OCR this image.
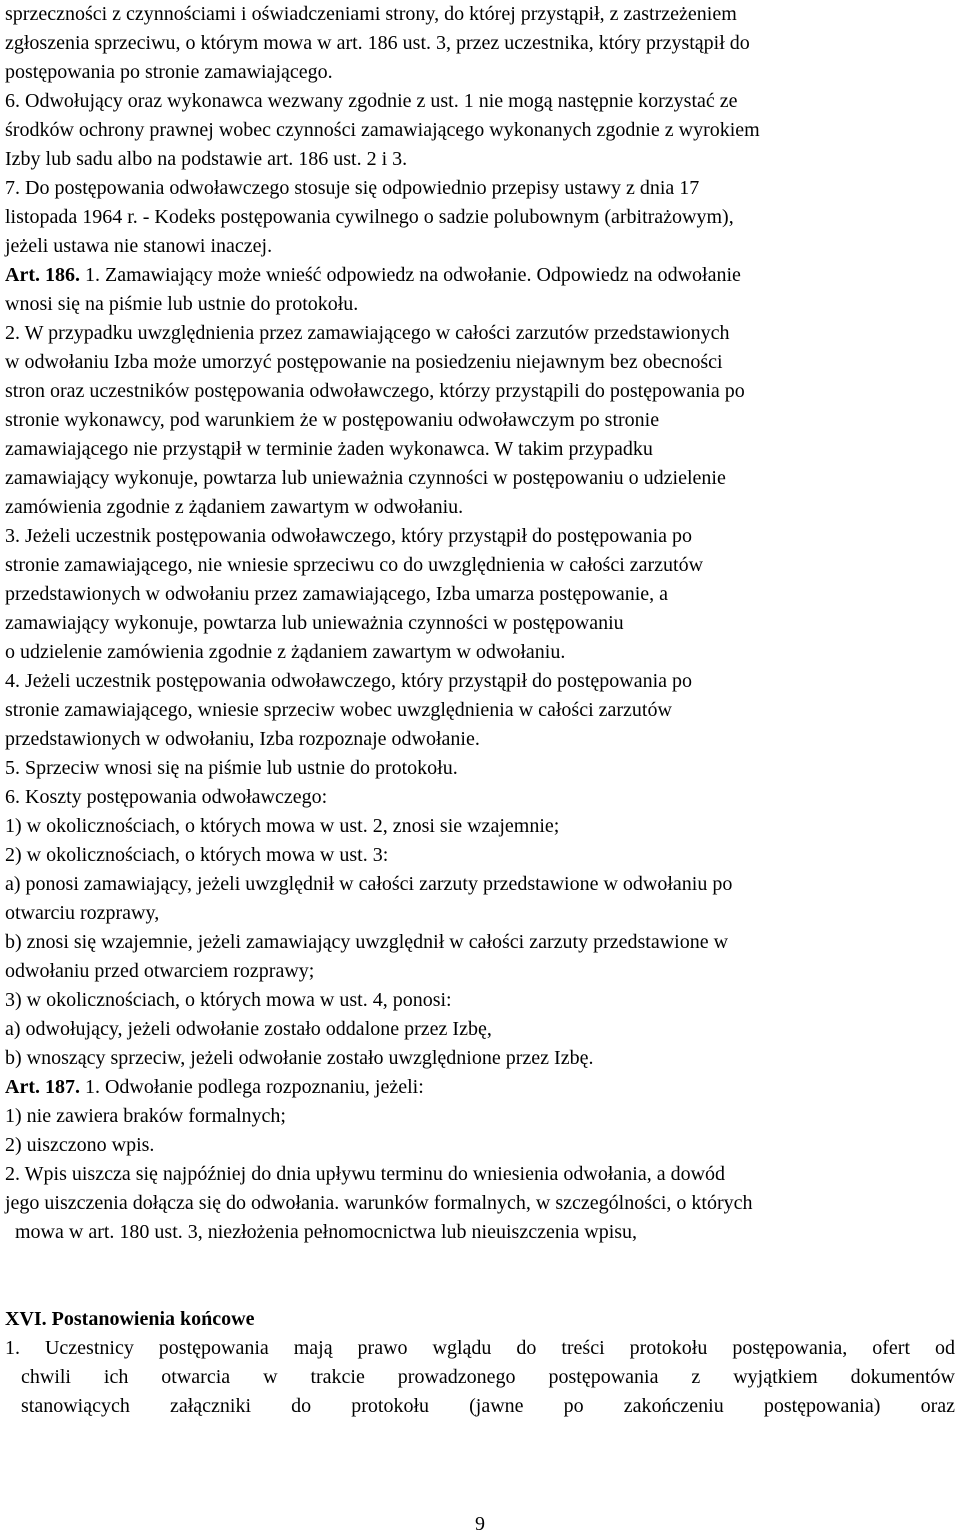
sprzeczności z czynnościami i oświadczeniami strony, do której przystąpił, z zastrzeżeniem
zgłoszenia sprzeciwu, o którym mowa w art. 186 ust. 3, przez uczestnika, który przystąpił do
postępowania po stronie zamawiającego.
6. Odwołujący oraz wykonawca wezwany zgodnie z ust. 1 nie mogą następnie korzystać ze
środków ochrony prawnej wobec czynności zamawiającego wykonanych zgodnie z wyrokiem
Izby lub sadu albo na podstawie art. 186 ust. 2 i 3.
7. Do postępowania odwoławczego stosuje się odpowiednio przepisy ustawy z dnia 17
listopada 1964 r. - Kodeks postępowania cywilnego o sadzie polubownym (arbitrażowym),
jeżeli ustawa nie stanowi inaczej.
Art. 186. 1. Zamawiający może wnieść odpowiedz na odwołanie. Odpowiedz na odwołanie
wnosi się na piśmie lub ustnie do protokołu.
2. W przypadku uwzględnienia przez zamawiającego w całości zarzutów przedstawionych
w odwołaniu Izba może umorzyć postępowanie na posiedzeniu niejawnym bez obecności
stron oraz uczestników postępowania odwoławczego, którzy przystąpili do postępowania po
stronie wykonawcy, pod warunkiem że w postępowaniu odwoławczym po stronie
zamawiającego nie przystąpił w terminie żaden wykonawca. W takim przypadku
zamawiający wykonuje, powtarza lub unieważnia czynności w postępowaniu o udzielenie
zamówienia zgodnie z żądaniem zawartym w odwołaniu.
3. Jeżeli uczestnik postępowania odwoławczego, który przystąpił do postępowania po
stronie zamawiającego, nie wniesie sprzeciwu co do uwzględnienia w całości zarzutów
przedstawionych w odwołaniu przez zamawiającego, Izba umarza postępowanie, a
zamawiający wykonuje, powtarza lub unieważnia czynności w postępowaniu
o udzielenie zamówienia zgodnie z żądaniem zawartym w odwołaniu.
4. Jeżeli uczestnik postępowania odwoławczego, który przystąpił do postępowania po
stronie zamawiającego, wniesie sprzeciw wobec uwzględnienia w całości zarzutów
przedstawionych w odwołaniu, Izba rozpoznaje odwołanie.
5. Sprzeciw wnosi się na piśmie lub ustnie do protokołu.
6. Koszty postępowania odwoławczego:
1) w okolicznościach, o których mowa w ust. 2, znosi sie wzajemnie;
2) w okolicznościach, o których mowa w ust. 3:
a) ponosi zamawiający, jeżeli uwzględnił w całości zarzuty przedstawione w odwołaniu po
otwarciu rozprawy,
b) znosi się wzajemnie, jeżeli zamawiający uwzględnił w całości zarzuty przedstawione w
odwołaniu przed otwarciem rozprawy;
3) w okolicznościach, o których mowa w ust. 4, ponosi:
a) odwołujący, jeżeli odwołanie zostało oddalone przez Izbę,
b) wnoszący sprzeciw, jeżeli odwołanie zostało uwzględnione przez Izbę.
Art. 187. 1. Odwołanie podlega rozpoznaniu, jeżeli:
1) nie zawiera braków formalnych;
2) uiszczono wpis.
2. Wpis uiszcza się najpóźniej do dnia upływu terminu do wniesienia odwołania, a dowód
jego uiszczenia dołącza się do odwołania. warunków formalnych, w szczególności, o których
mowa w art. 180 ust. 3, niezłożenia pełnomocnictwa lub nieuiszczenia wpisu,
XVI. Postanowienia końcowe
1. Uczestnicy postępowania mają prawo wglądu do treści protokołu postępowania, ofert od
chwili ich otwarcia w trakcie prowadzonego postępowania z wyjątkiem dokumentów
stanowiących załączniki do protokołu (jawne po zakończeniu postępowania) oraz
9
